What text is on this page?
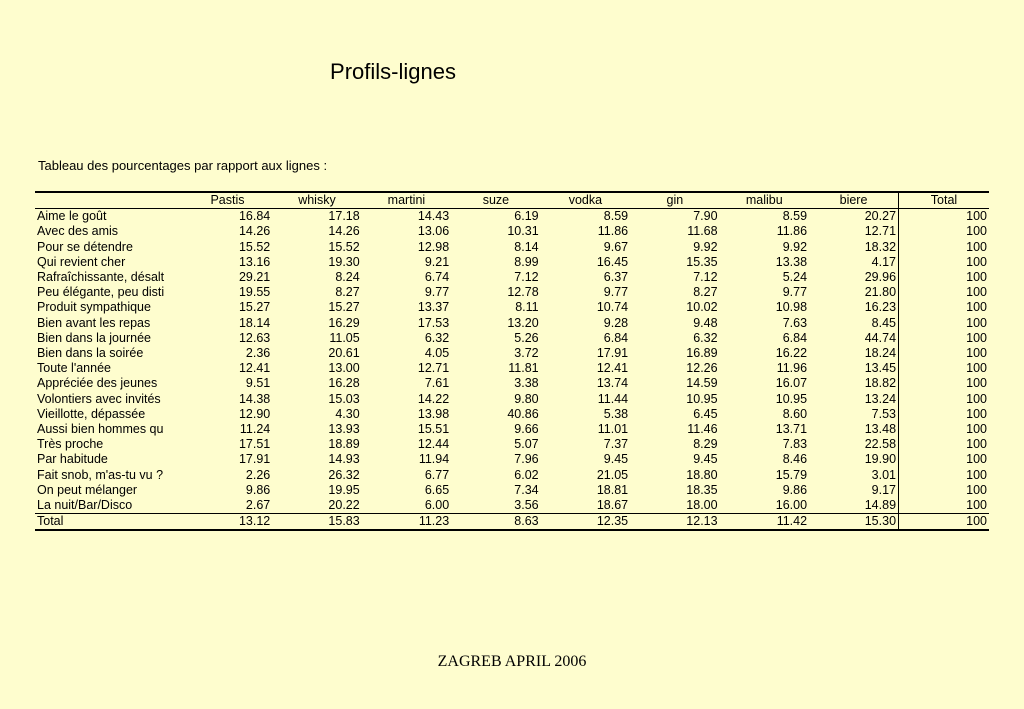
Profils-lignes
Tableau des pourcentages par rapport aux lignes :
	Pastis	whisky	martini	suze	vodka	gin	malibu	biere	Total
Aime le goût	16.84	17.18	14.43	6.19	8.59	7.90	8.59	20.27	100
Avec des amis	14.26	14.26	13.06	10.31	11.86	11.68	11.86	12.71	100
Pour se détendre	15.52	15.52	12.98	8.14	9.67	9.92	9.92	18.32	100
Qui revient cher	13.16	19.30	9.21	8.99	16.45	15.35	13.38	4.17	100
Rafraîchissante, désalt	29.21	8.24	6.74	7.12	6.37	7.12	5.24	29.96	100
Peu élégante, peu disti	19.55	8.27	9.77	12.78	9.77	8.27	9.77	21.80	100
Produit sympathique	15.27	15.27	13.37	8.11	10.74	10.02	10.98	16.23	100
Bien avant les repas	18.14	16.29	17.53	13.20	9.28	9.48	7.63	8.45	100
Bien dans la journée	12.63	11.05	6.32	5.26	6.84	6.32	6.84	44.74	100
Bien dans la soirée	2.36	20.61	4.05	3.72	17.91	16.89	16.22	18.24	100
Toute l'année	12.41	13.00	12.71	11.81	12.41	12.26	11.96	13.45	100
Appréciée des jeunes	9.51	16.28	7.61	3.38	13.74	14.59	16.07	18.82	100
Volontiers avec invités	14.38	15.03	14.22	9.80	11.44	10.95	10.95	13.24	100
Vieillotte, dépassée	12.90	4.30	13.98	40.86	5.38	6.45	8.60	7.53	100
Aussi bien hommes qu	11.24	13.93	15.51	9.66	11.01	11.46	13.71	13.48	100
Très proche	17.51	18.89	12.44	5.07	7.37	8.29	7.83	22.58	100
Par habitude	17.91	14.93	11.94	7.96	9.45	9.45	8.46	19.90	100
Fait snob, m'as-tu vu ?	2.26	26.32	6.77	6.02	21.05	18.80	15.79	3.01	100
On peut mélanger	9.86	19.95	6.65	7.34	18.81	18.35	9.86	9.17	100
La nuit/Bar/Disco	2.67	20.22	6.00	3.56	18.67	18.00	16.00	14.89	100
Total	13.12	15.83	11.23	8.63	12.35	12.13	11.42	15.30	100
ZAGREB APRIL 2006
